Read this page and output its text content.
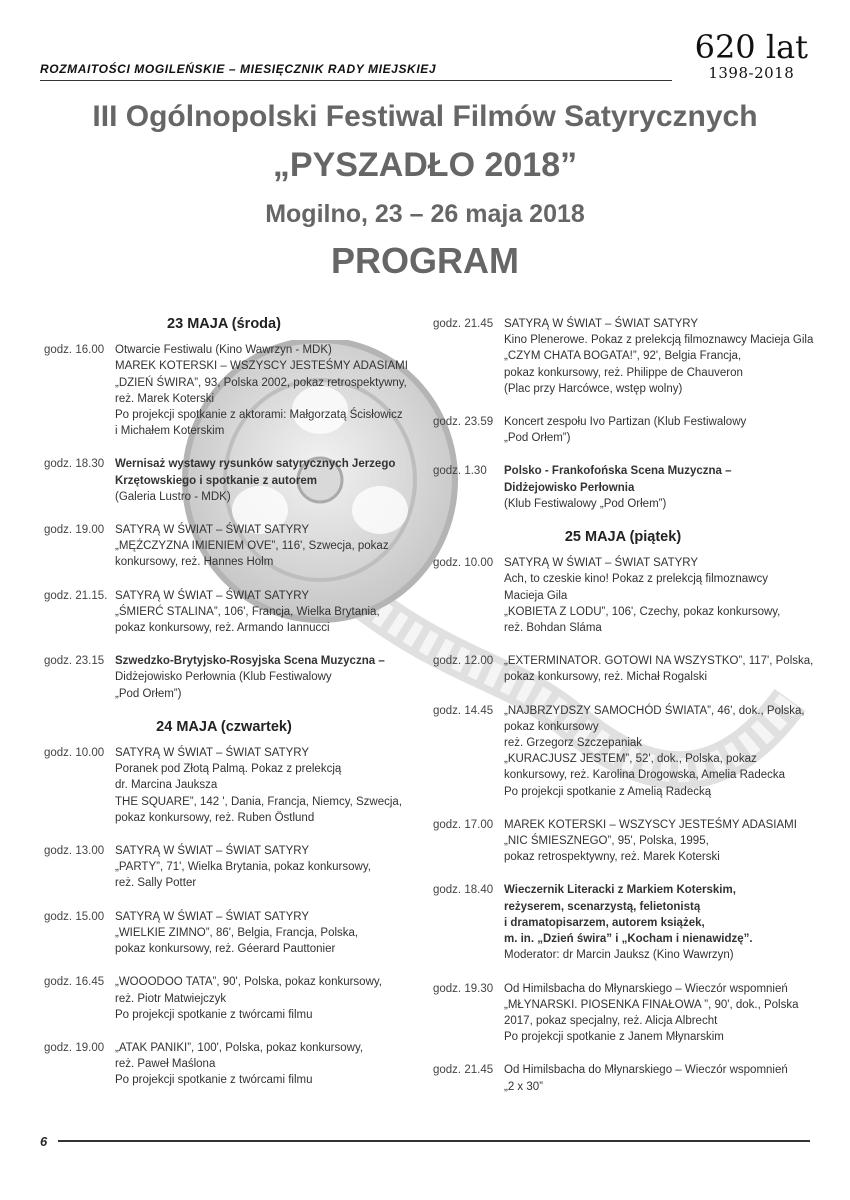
ROZMAITOŚCI MOGILEŃSKIE – MIESIĘCZNIK RADY MIEJSKIEJ
620 lat
1398-2018
III Ogólnopolski Festiwal Filmów Satyrycznych
„PYSZADŁO 2018”
Mogilno, 23 – 26 maja 2018
PROGRAM
23 MAJA (środa)
godz. 16.00 Otwarcie Festiwalu (Kino Wawrzyn - MDK)
MAREK KOTERSKI – WSZYSCY JESTEŚMY ADASIAMI
„DZIEŃ ŚWIRA”, 93, Polska 2002, pokaz retrospektywny,
reż. Marek Koterski
Po projekcji spotkanie z aktorami: Małgorzatą Ścisłowicz
i Michałem Koterskim
godz. 18.30 Wernisaż wystawy rysunków satyrycznych Jerzego
Krzętowskiego i spotkanie z autorem
(Galeria Lustro - MDK)
godz. 19.00 SATYRĄ W ŚWIAT – ŚWIAT SATYRY
„MĘŻCZYZNA IMIENIEM OVE”, 116', Szwecja, pokaz
konkursowy, reż. Hannes Holm
godz. 21.15. SATYRĄ W ŚWIAT – ŚWIAT SATYRY
„ŚMIERĆ STALINA”, 106', Francja, Wielka Brytania,
pokaz konkursowy, reż. Armando Iannucci
godz. 23.15 Szwedzko-Brytyjsko-Rosyjska Scena Muzyczna –
Didżejowisko Perłownia (Klub Festiwalowy
„Pod Orłem”)
24 MAJA (czwartek)
godz. 10.00 SATYRĄ W ŚWIAT – ŚWIAT SATYRY
Poranek pod Złotą Palmą. Pokaz z prelekcją
dr. Marcina Jauksza
THE SQUARE”, 142 ', Dania, Francja, Niemcy, Szwecja,
pokaz konkursowy, reż. Ruben Östlund
godz. 13.00 SATYRĄ W ŚWIAT – ŚWIAT SATYRY
„PARTY”, 71', Wielka Brytania, pokaz konkursowy,
reż. Sally Potter
godz. 15.00 SATYRĄ W ŚWIAT – ŚWIAT SATYRY
„WIELKIE ZIMNO”, 86', Belgia, Francja, Polska,
pokaz konkursowy, reż. Géerard Pauttonier
godz. 16.45 „WOOODOO TATA”, 90', Polska, pokaz konkursowy,
reż. Piotr Matwiejczyk
Po projekcji spotkanie z twórcami filmu
godz. 19.00 „ATAK PANIKI”, 100', Polska, pokaz konkursowy,
reż. Paweł Maślona
Po projekcji spotkanie z twórcami filmu
godz. 21.45 SATYRĄ W ŚWIAT – ŚWIAT SATYRY
Kino Plenerowe. Pokaz z prelekcją filmoznawcy Macieja Gila
„CZYM CHATA BOGATA!”, 92', Belgia Francja,
pokaz konkursowy, reż. Philippe de Chauveron
(Plac przy Harcówce, wstęp wolny)
godz. 23.59 Koncert zespołu Ivo Partizan (Klub Festiwalowy
„Pod Orłem”)
godz. 1.30	Polsko - Frankofońska Scena Muzyczna –
Didżejowisko Perłownia
(Klub Festiwalowy „Pod Orłem”)
25 MAJA (piątek)
godz. 10.00 SATYRĄ W ŚWIAT – ŚWIAT SATYRY
Ach, to czeskie kino! Pokaz z prelekcją filmoznawcy
Macieja Gila
„KOBIETA Z LODU”, 106', Czechy, pokaz konkursowy,
reż. Bohdan Sláma
godz. 12.00 „EXTERMINATOR. GOTOWI NA WSZYSTKO”, 117', Polska,
pokaz konkursowy, reż. Michał Rogalski
godz. 14.45 „NAJBRZYDSZY SAMOCHÓD ŚWIATA”, 46', dok., Polska,
pokaz konkursowy
reż. Grzegorz Szczepaniak
„KURACJUSZ JESTEM”, 52', dok., Polska, pokaz
konkursowy, reż. Karolina Drogowska, Amelia Radecka
Po projekcji spotkanie z Amelią Radecką
godz. 17.00 MAREK KOTERSKI – WSZYSCY JESTEŚMY ADASIAMI
„NIC ŚMIESZNEGO”, 95', Polska, 1995,
pokaz retrospektywny, reż. Marek Koterski
godz. 18.40 Wieczernik Literacki z Markiem Koterskim,
reżyserem, scenarzystą, felietonistą
i dramatopisarzem, autorem książek,
m. in. „Dzień świra” i „Kocham i nienawidzę”.
Moderator: dr Marcin Jauksz (Kino Wawrzyn)
godz. 19.30 Od Himilsbacha do Młynarskiego – Wieczór wspomnień
„MŁYNARSKI. PIOSENKA FINAŁOWA ”, 90', dok., Polska
2017, pokaz specjalny, reż. Alicja Albrecht
Po projekcji spotkanie z Janem Młynarskim
godz. 21.45 Od Himilsbacha do Młynarskiego – Wieczór wspomnień
„2 x 30”
6
